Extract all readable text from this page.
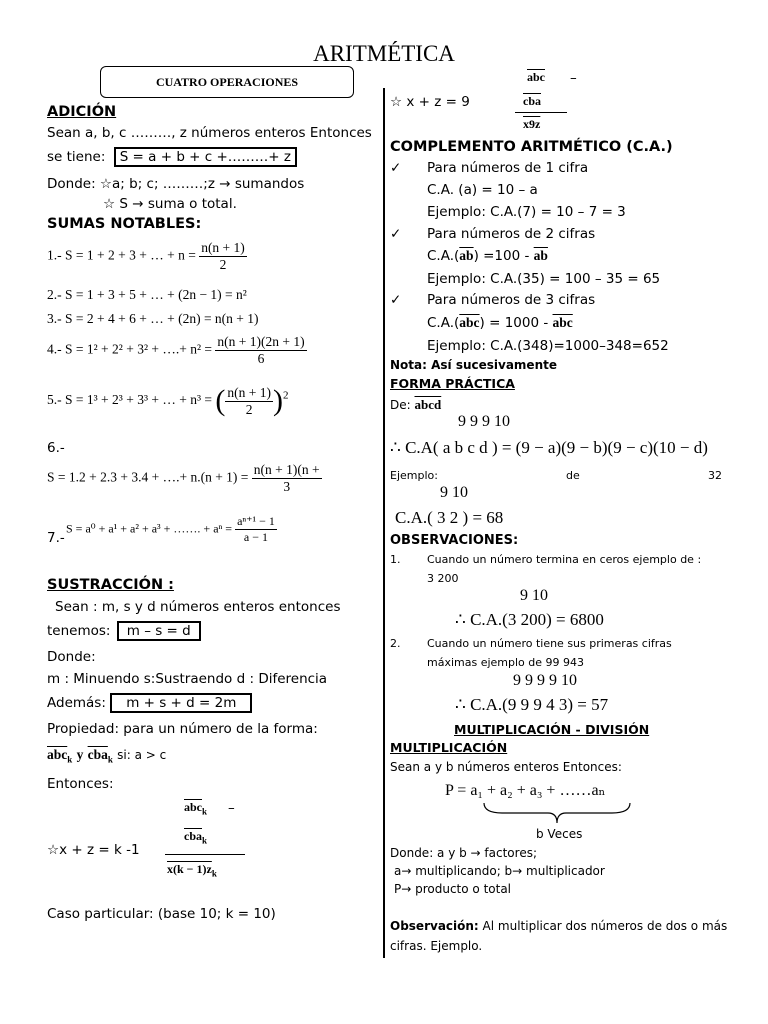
ARITMÉTICA
CUATRO OPERACIONES
ADICIÓN
Sean a, b, c ………, z números enteros Entonces
se tiene: S = a + b + c +………+ z
Donde: ☆a; b; c; ………;z → sumandos
☆ S → suma o total.
SUMAS NOTABLES:
1.- S = 1 + 2 + 3 + … + $n = \frac{n(n + 1)}{2}$
2.- S = 1 + 3 + 5 + … + (2n − 1) = n²
3.- S = 2 + 4 + 6 + … + (2n) = n(n + 1)
4.- S = 1² + 2² + 3² + ….+ $n^2 = \frac{n(n + 1)(2n + 1)}{6}$
5.- S = 1³ + 2³ + 3³ + … + n³ = ( $\frac{n(n + 1)}{2} )^2$
6.-
S = 1.2 + 2.3 + 3.4 + ….+ $n.(n + 1) = \frac{n(n + 1)(n +}{3}$
7.-
S = a⁰ + a¹ + a² + a³ + ……. + $a^n = \frac{\text{aⁿ⁺¹ − 1}}{a - 1}$
SUSTRACCIÓN :
Sean : m, s y d números enteros entonces
tenemos: m – s = d
Donde:
m : Minuendo s:Sustraendo d : Diferencia
Además: m + s + d = 2m
Propiedad: para un número de la forma:
$\overline{abc}_k$ y $\overline{cba}_k$ si: a > c
Entonces:
$\overline{abc}_k$ –
$\overline{cba}_k$
☆x + z = k -1
$x(k - 1)z_k$
Caso particular: (base 10; k = 10)
$\overline{abc}$ –
$\overline{cba}$
x9z
☆ x + z = 9
COMPLEMENTO ARITMÉTICO (C.A.)
✓ Para números de 1 cifra
C.A. (a) = 10 – a
Ejemplo: C.A.(7) = 10 – 7 = 3
✓ Para números de 2 cifras
$C.A.(\overline{ab}) =100 - \overline{ab}$
Ejemplo: C.A.(35) = 100 – 35 = 65
✓ Para números de 3 cifras
$C.A.(\overline{abc}) = 1000 - \overline{abc}$
Ejemplo: C.A.(348)=1000–348=652
Nota: Así sucesivamente
FORMA PRÁCTICA
De: abcd
9 9 9 10
∴ C.A( a b c d ) = (9 − a)(9 − b)(9 − c)(10 − d)
Ejemplo:	de	32
9 10
C.A.( 3 2 ) = 68
OBSERVACIONES:
1. Cuando un número termina en ceros ejemplo de :
3 200
9 10
∴ C.A.(3 200) = 6800
2. Cuando un número tiene sus primeras cifras
máximas ejemplo de 99 943
9 9 9 9 10
∴ C.A.(9 9 9 4 3) = 57
MULTIPLICACIÓN - DIVISIÓN
MULTIPLICACIÓN
Sean a y b números enteros Entonces:
P = a₁ + a₂ + a₃ + ……aₙ
b Veces
Donde: a y b → factores;
a→ multiplicando; b→ multiplicador
P→ producto o total
Observación: Al multiplicar dos números de dos o más
cifras. Ejemplo.
